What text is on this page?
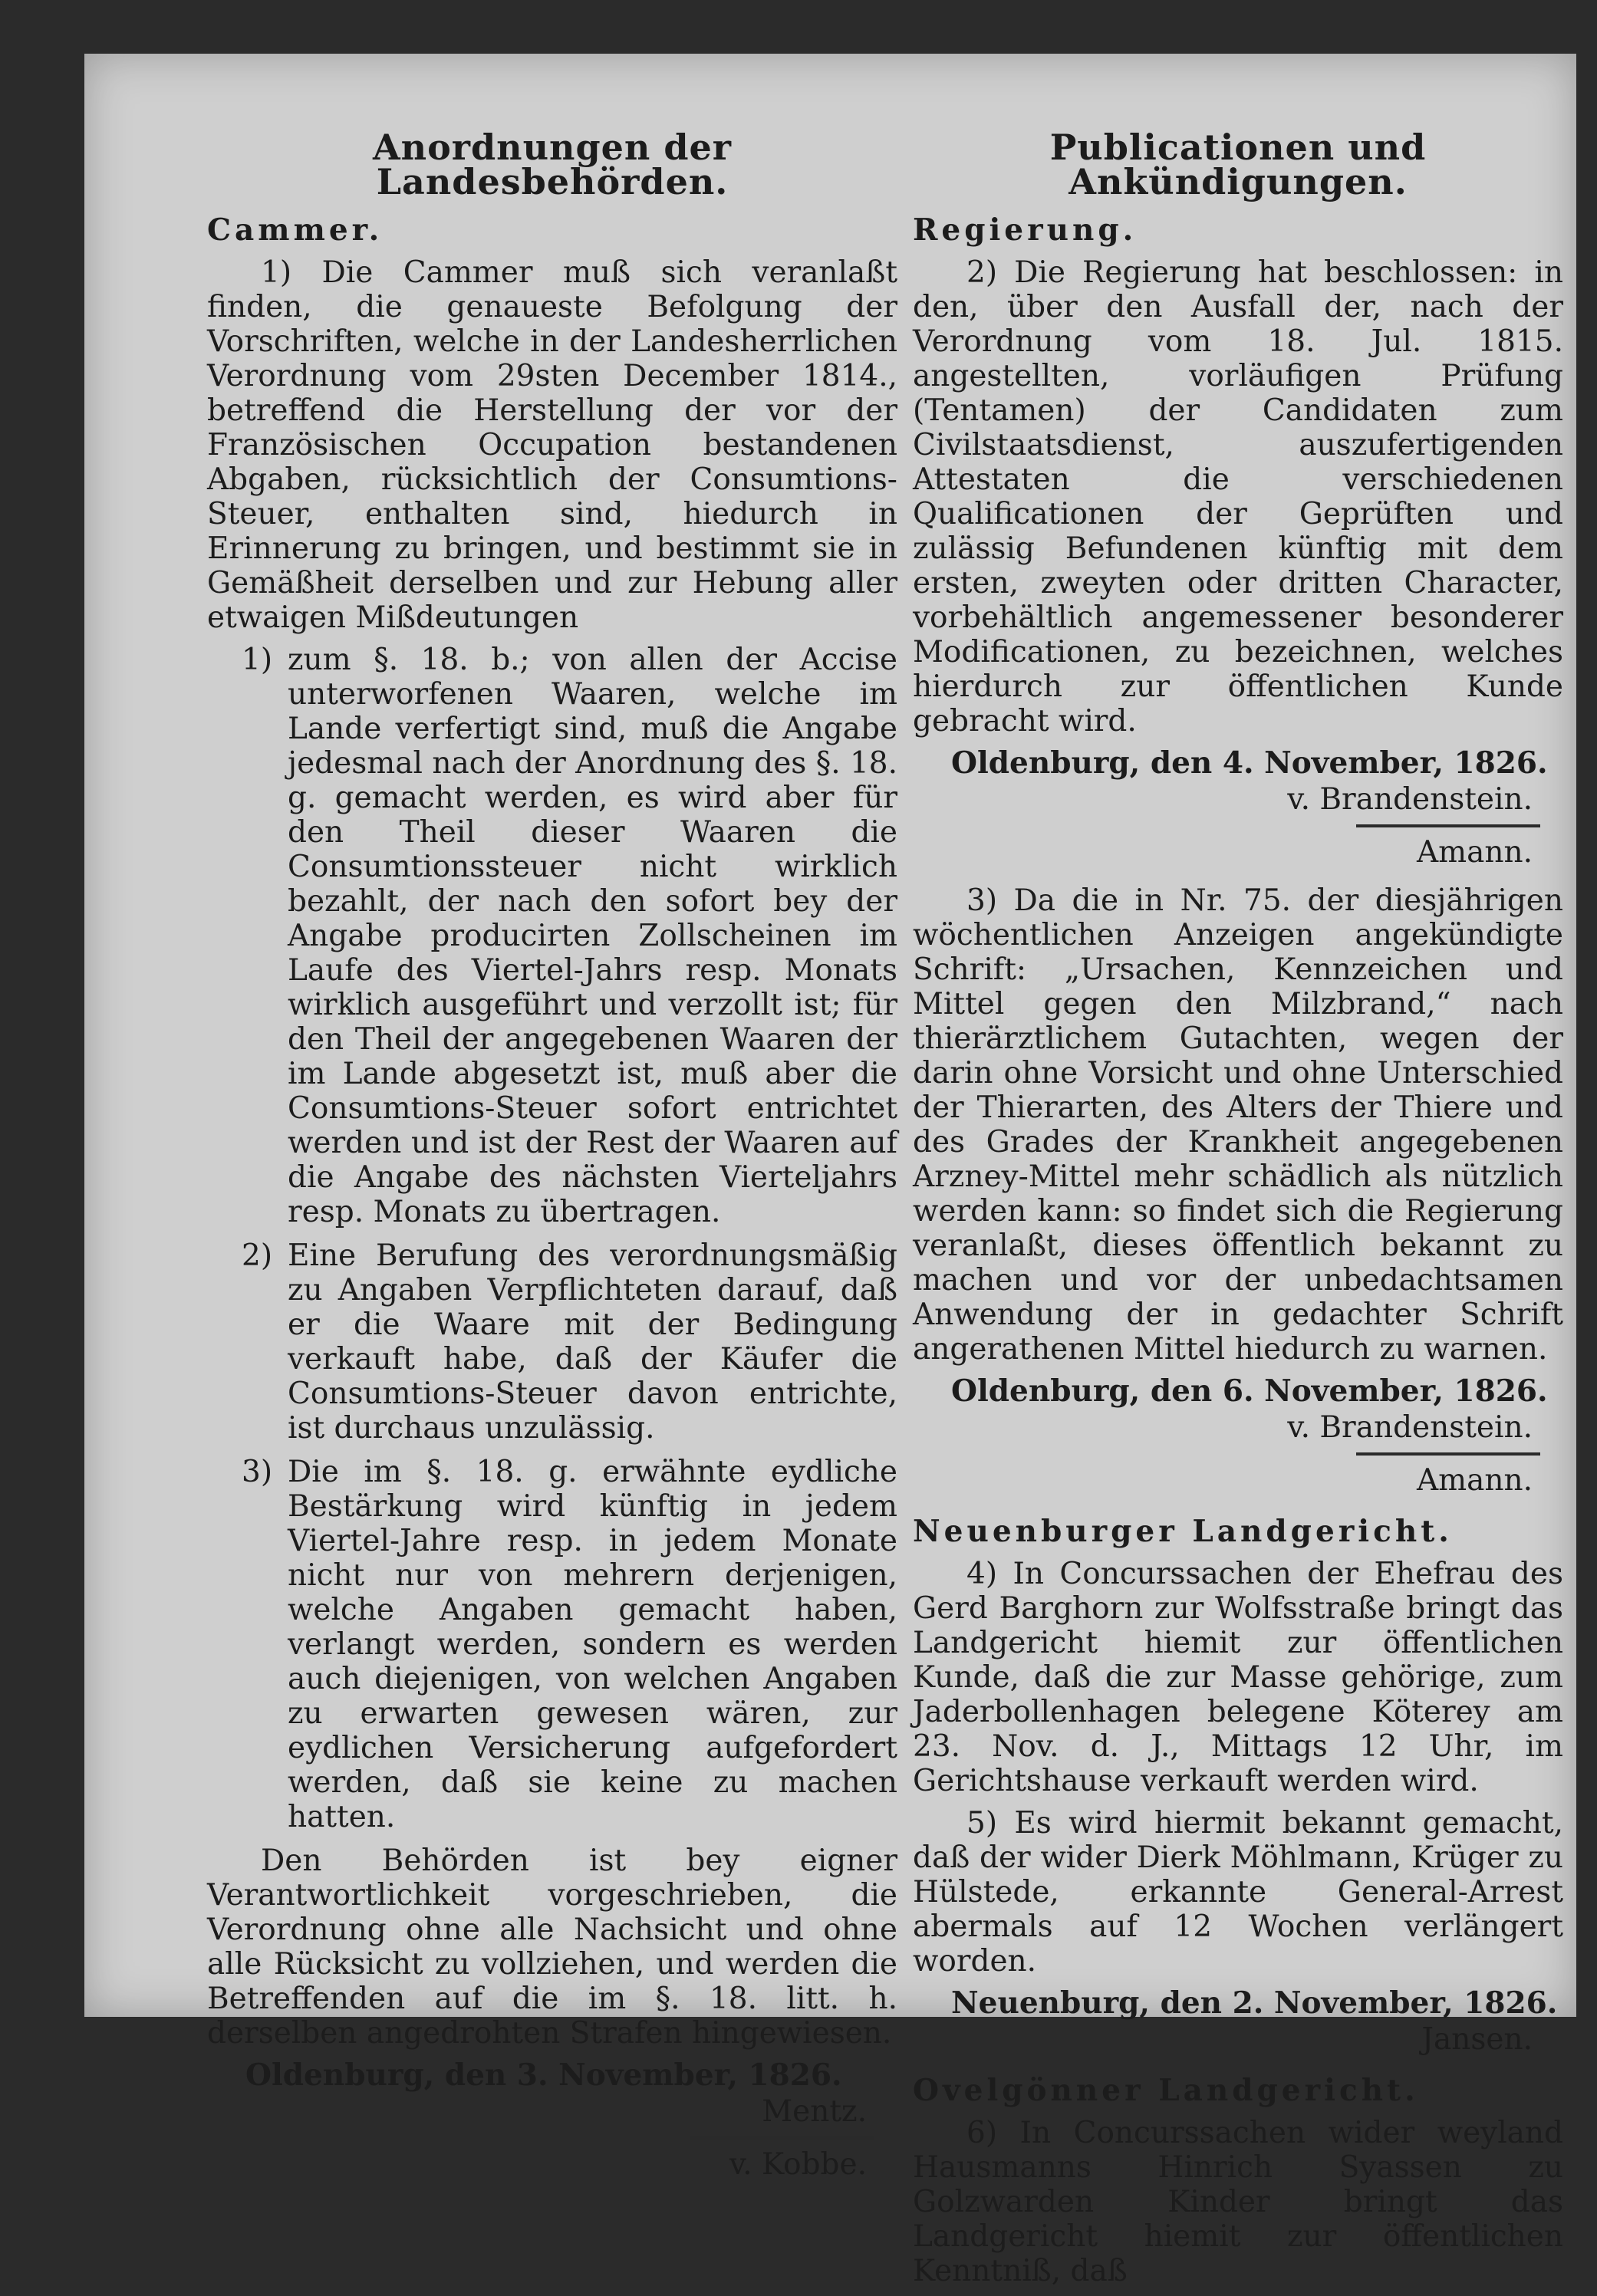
Anordnungen der Landesbehörden.
Cammer.

1) Die Cammer muß sich veranlaßt finden, die genaueste Befolgung der Vorschriften, welche in der Landesherrlichen Verordnung vom 29sten December 1814., betreffend die Herstellung der vor der Französischen Occupation bestandenen Abgaben, rücksichtlich der Consumtions-Steuer, enthalten sind, hiedurch in Erinnerung zu bringen, und bestimmt sie in Gemäßheit derselben und zur Hebung aller etwaigen Mißdeutungen

1) zum §. 18. b.; von allen der Accise unterworfenen Waaren, welche im Lande verfertigt sind, muß die Angabe jedesmal nach der Anordnung des §. 18. g. gemacht werden, es wird aber für den Theil dieser Waaren die Consumtionssteuer nicht wirklich bezahlt, der nach den sofort bey der Angabe producirten Zollscheinen im Laufe des Viertel-Jahrs resp. Monats wirklich ausgeführt und verzollt ist; für den Theil der angegebenen Waaren der im Lande abgesetzt ist, muß aber die Consumtions-Steuer sofort entrichtet werden und ist der Rest der Waaren auf die Angabe des nächsten Vierteljahrs resp. Monats zu übertragen.
2) Eine Berufung des verordnungsmäßig zu Angaben Verpflichteten darauf, daß er die Waare mit der Bedingung verkauft habe, daß der Käufer die Consumtions-Steuer davon entrichte, ist durchaus unzulässig.
3) Die im §. 18. g. erwähnte eydliche Bestärkung wird künftig in jedem Viertel-Jahre resp. in jedem Monate nicht nur von mehrern derjenigen, welche Angaben gemacht haben, verlangt werden, sondern es werden auch diejenigen, von welchen Angaben zu erwarten gewesen wären, zur eydlichen Versicherung aufgefordert werden, daß sie keine zu machen hatten.

Den Behörden ist bey eigner Verantwortlichkeit vorgeschrieben, die Verordnung ohne alle Nachsicht und ohne alle Rücksicht zu vollziehen, und werden die Betreffenden auf die im §. 18. litt. h. derselben angedrohten Strafen hingewiesen.

Oldenburg, den 3. November, 1826.
Mentz.
v. Kobbe.
Publicationen und Ankündigungen.
Regierung.

2) Die Regierung hat beschlossen: in den, über den Ausfall der, nach der Verordnung vom 18. Jul. 1815. angestellten, vorläufigen Prüfung (Tentamen) der Candidaten zum Civilstaatsdienst, auszufertigenden Attestaten die verschiedenen Qualificationen der Geprüften und zulässig Befundenen künftig mit dem ersten, zweyten oder dritten Character, vorbehältlich angemessener besonderer Modificationen, zu bezeichnen, welches hierdurch zur öffentlichen Kunde gebracht wird.

Oldenburg, den 4. November, 1826.
v. Brandenstein.
Amann.

3) Da die in Nr. 75. der diesjährigen wöchentlichen Anzeigen angekündigte Schrift: „Ursachen, Kennzeichen und Mittel gegen den Milzbrand,“ nach thierärztlichem Gutachten, wegen der darin ohne Vorsicht und ohne Unterschied der Thierarten, des Alters der Thiere und des Grades der Krankheit angegebenen Arzney-Mittel mehr schädlich als nützlich werden kann: so findet sich die Regierung veranlaßt, dieses öffentlich bekannt zu machen und vor der unbedachtsamen Anwendung der in gedachter Schrift angerathenen Mittel hiedurch zu warnen.

Oldenburg, den 6. November, 1826.
v. Brandenstein.
Amann.
Neuenburger Landgericht.

4) In Concurssachen der Ehefrau des Gerd Barghorn zur Wolfsstraße bringt das Landgericht hiemit zur öffentlichen Kunde, daß die zur Masse gehörige, zum Jaderbollenhagen belegene Köterey am 23. Nov. d. J., Mittags 12 Uhr, im Gerichtshause verkauft werden wird.

5) Es wird hiermit bekannt gemacht, daß der wider Dierk Möhlmann, Krüger zu Hülstede, erkannte General-Arrest abermals auf 12 Wochen verlängert worden.

Neuenburg, den 2. November, 1826.
Jansen.
Ovelgönner Landgericht.

6) In Concurssachen wider weyland Hausmanns Hinrich Syassen zu Golzwarden Kinder bringt das Landgericht hiemit zur öffentlichen Kenntniß, daß
